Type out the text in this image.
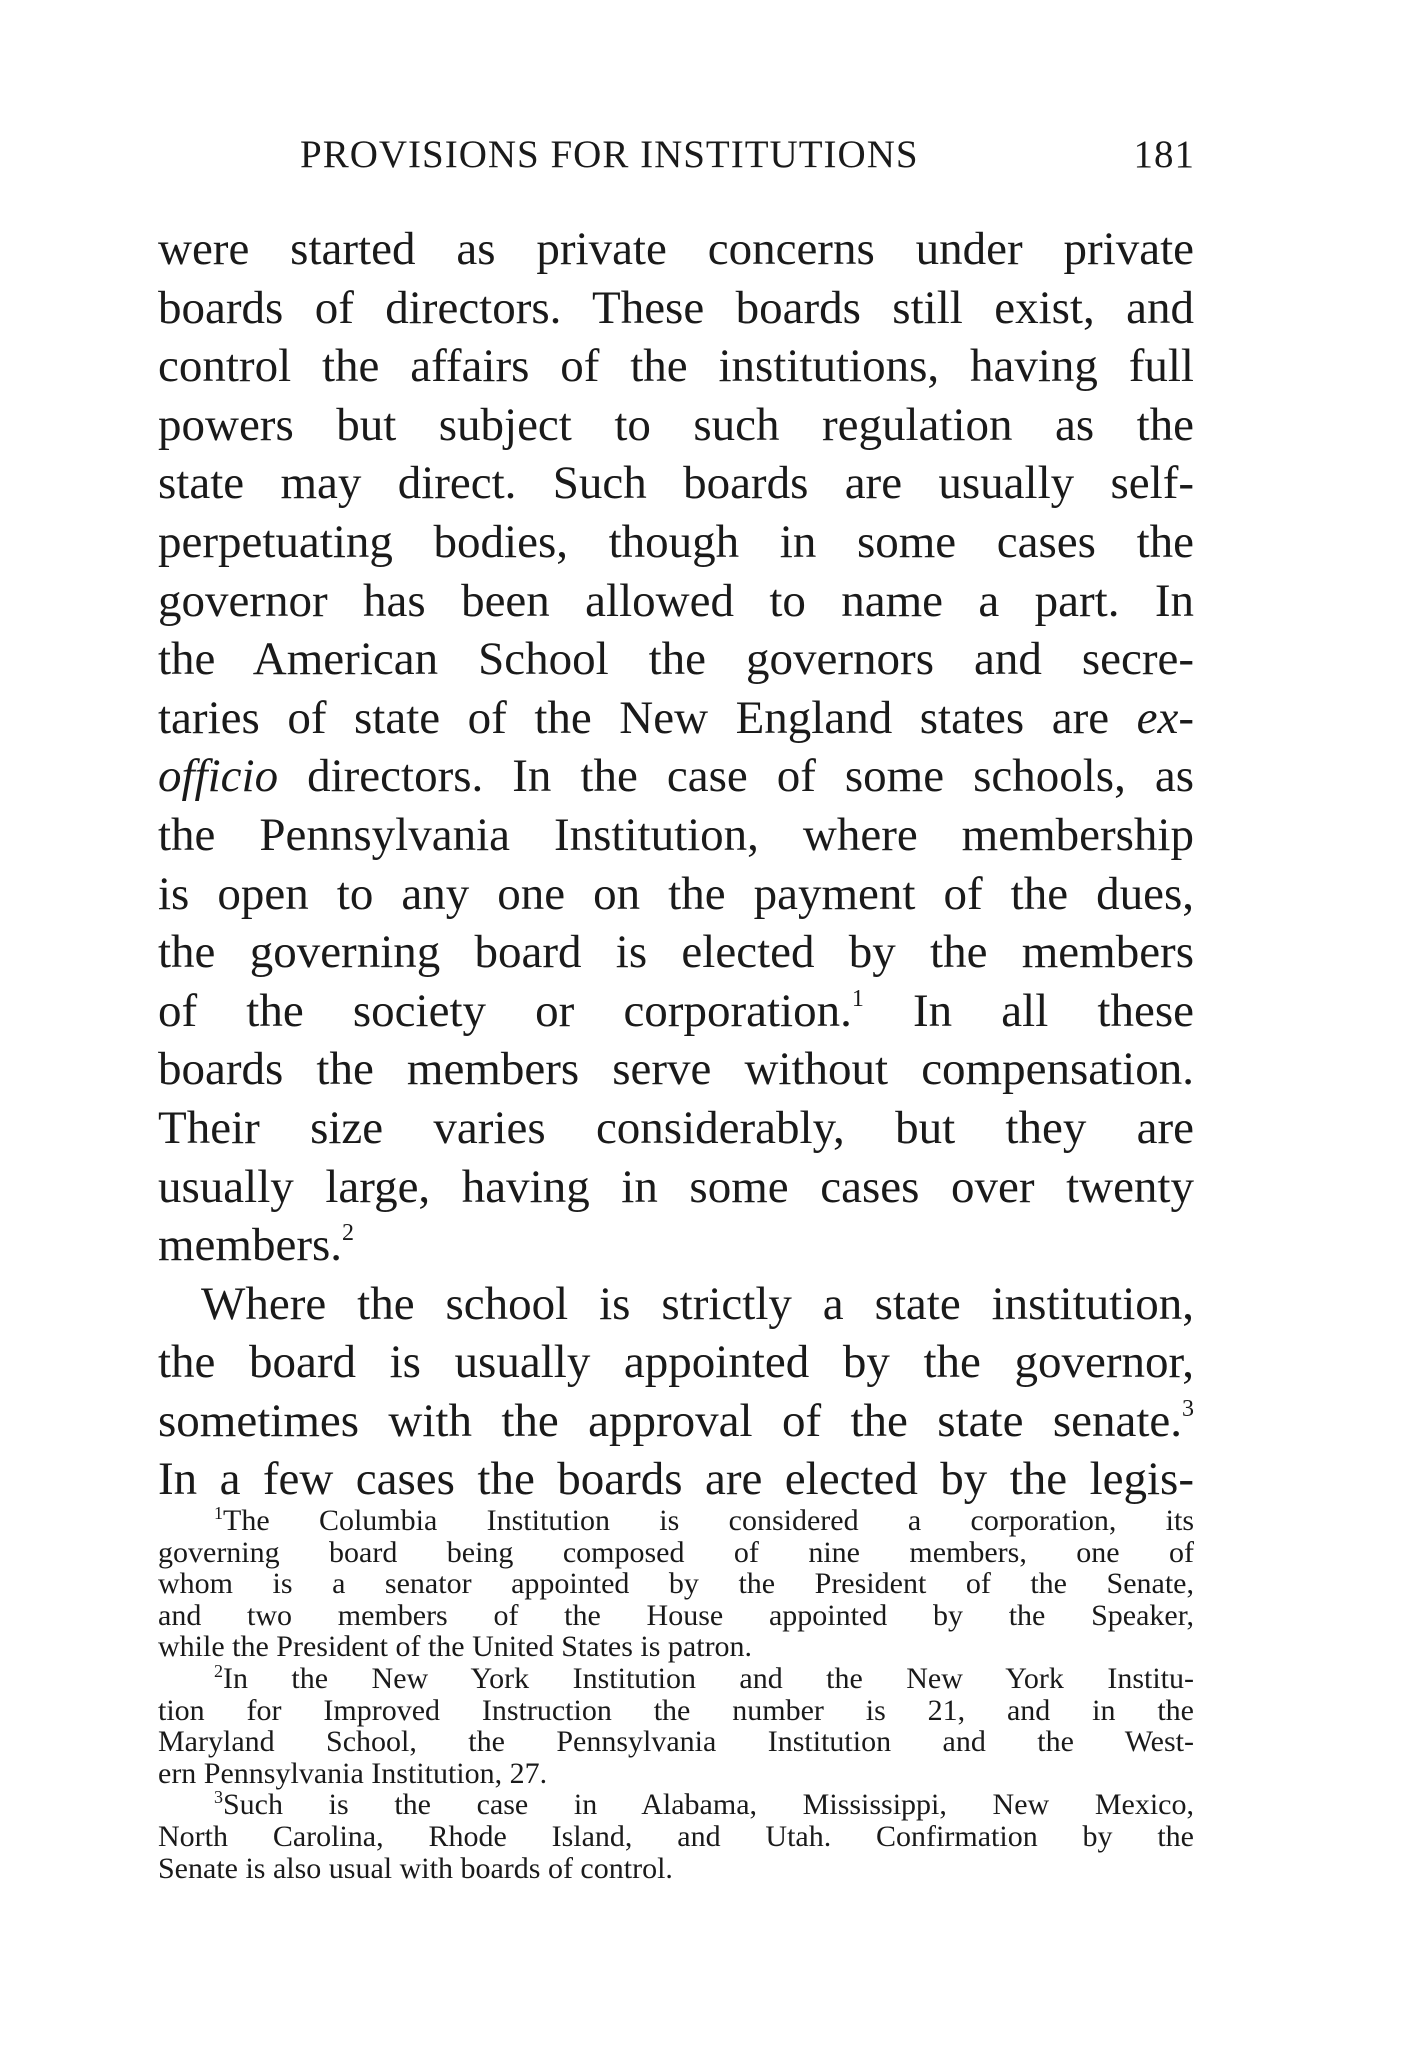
PROVISIONS FOR INSTITUTIONS	181
were started as private concerns under private
boards of directors. These boards still exist, and
control the affairs of the institutions, having full
powers but subject to such regulation as the
state may direct. Such boards are usually self-
perpetuating bodies, though in some cases the
governor has been allowed to name a part. In
the American School the governors and secre-
taries of state of the New England states are ex-
officio directors. In the case of some schools, as
the Pennsylvania Institution, where membership
is open to any one on the payment of the dues,
the governing board is elected by the members
of the society or corporation.$^1$ In all these
boards the members serve without compensation.
Their size varies considerably, but they are
usually large, having in some cases over twenty
members.$^2$
Where the school is strictly a state institution,
the board is usually appointed by the governor,
sometimes with the approval of the state senate.$^3$
In a few cases the boards are elected by the legis-
$^1$The Columbia Institution is considered a corporation, its
governing board being composed of nine members, one of
whom is a senator appointed by the President of the Senate,
and two members of the House appointed by the Speaker,
while the President of the United States is patron.
$^2$In the New York Institution and the New York Institu-
tion for Improved Instruction the number is 21, and in the
Maryland School, the Pennsylvania Institution and the West-
ern Pennsylvania Institution, 27.
$^3$Such is the case in Alabama, Mississippi, New Mexico,
North Carolina, Rhode Island, and Utah. Confirmation by the
Senate is also usual with boards of control.
